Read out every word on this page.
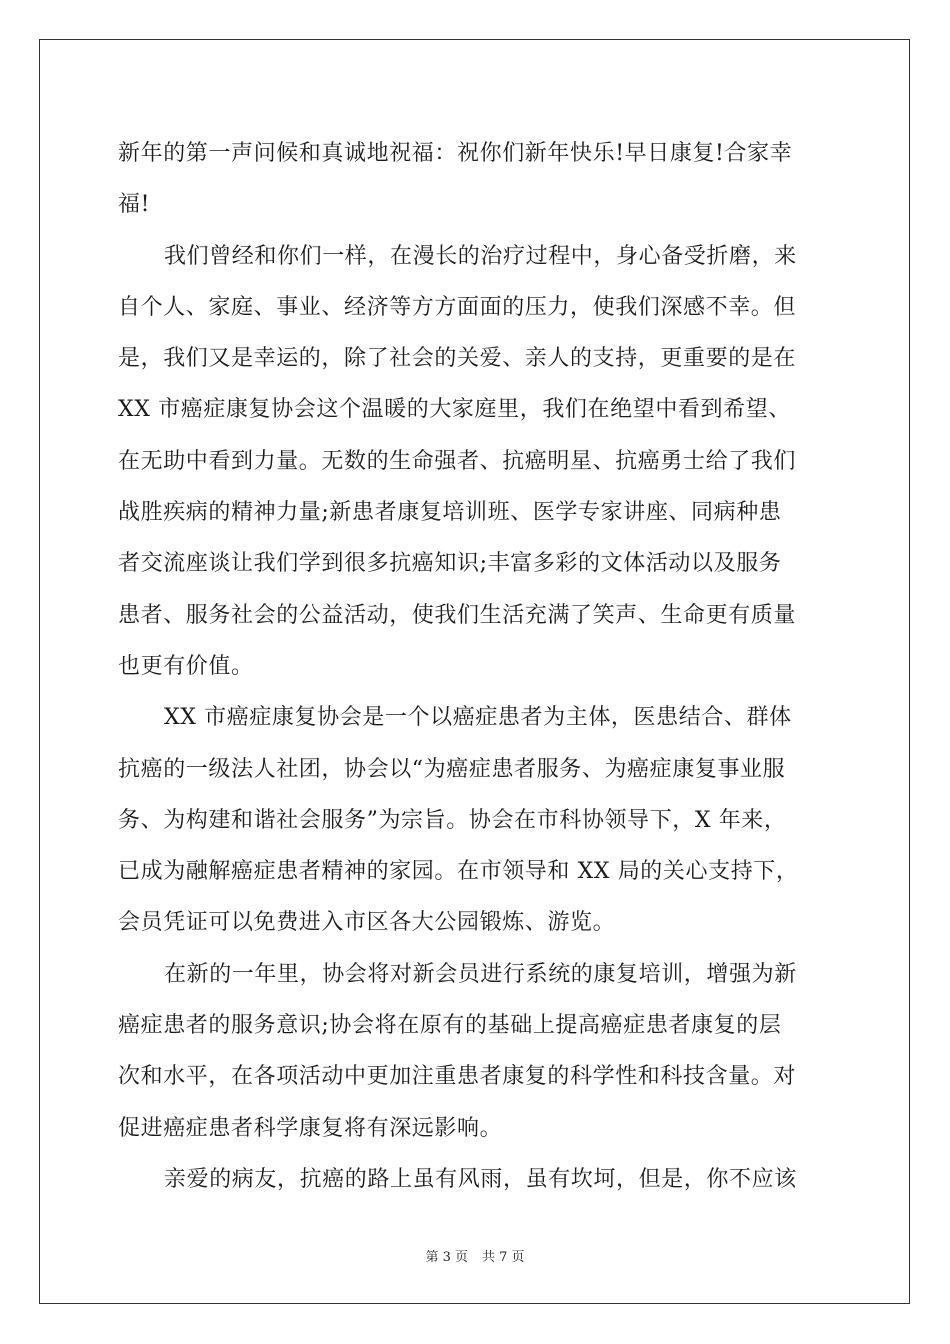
新年的第一声问候和真诚地祝福：祝你们新年快乐!早日康复!合家幸
福!
我们曾经和你们一样，在漫长的治疗过程中，身心备受折磨，来
自个人、家庭、事业、经济等方方面面的压力，使我们深感不幸。但
是，我们又是幸运的，除了社会的关爱、亲人的支持，更重要的是在
XX 市癌症康复协会这个温暖的大家庭里，我们在绝望中看到希望、
在无助中看到力量。无数的生命强者、抗癌明星、抗癌勇士给了我们
战胜疾病的精神力量;新患者康复培训班、医学专家讲座、同病种患
者交流座谈让我们学到很多抗癌知识;丰富多彩的文体活动以及服务
患者、服务社会的公益活动，使我们生活充满了笑声、生命更有质量
也更有价值。
XX 市癌症康复协会是一个以癌症患者为主体，医患结合、群体
抗癌的一级法人社团，协会以“为癌症患者服务、为癌症康复事业服
务、为构建和谐社会服务”为宗旨。协会在市科协领导下，X 年来，
已成为融解癌症患者精神的家园。在市领导和 XX 局的关心支持下，
会员凭证可以免费进入市区各大公园锻炼、游览。
在新的一年里，协会将对新会员进行系统的康复培训，增强为新
癌症患者的服务意识;协会将在原有的基础上提高癌症患者康复的层
次和水平，在各项活动中更加注重患者康复的科学性和科技含量。对
促进癌症患者科学康复将有深远影响。
亲爱的病友，抗癌的路上虽有风雨，虽有坎坷，但是，你不应该
第 3 页 共 7 页
